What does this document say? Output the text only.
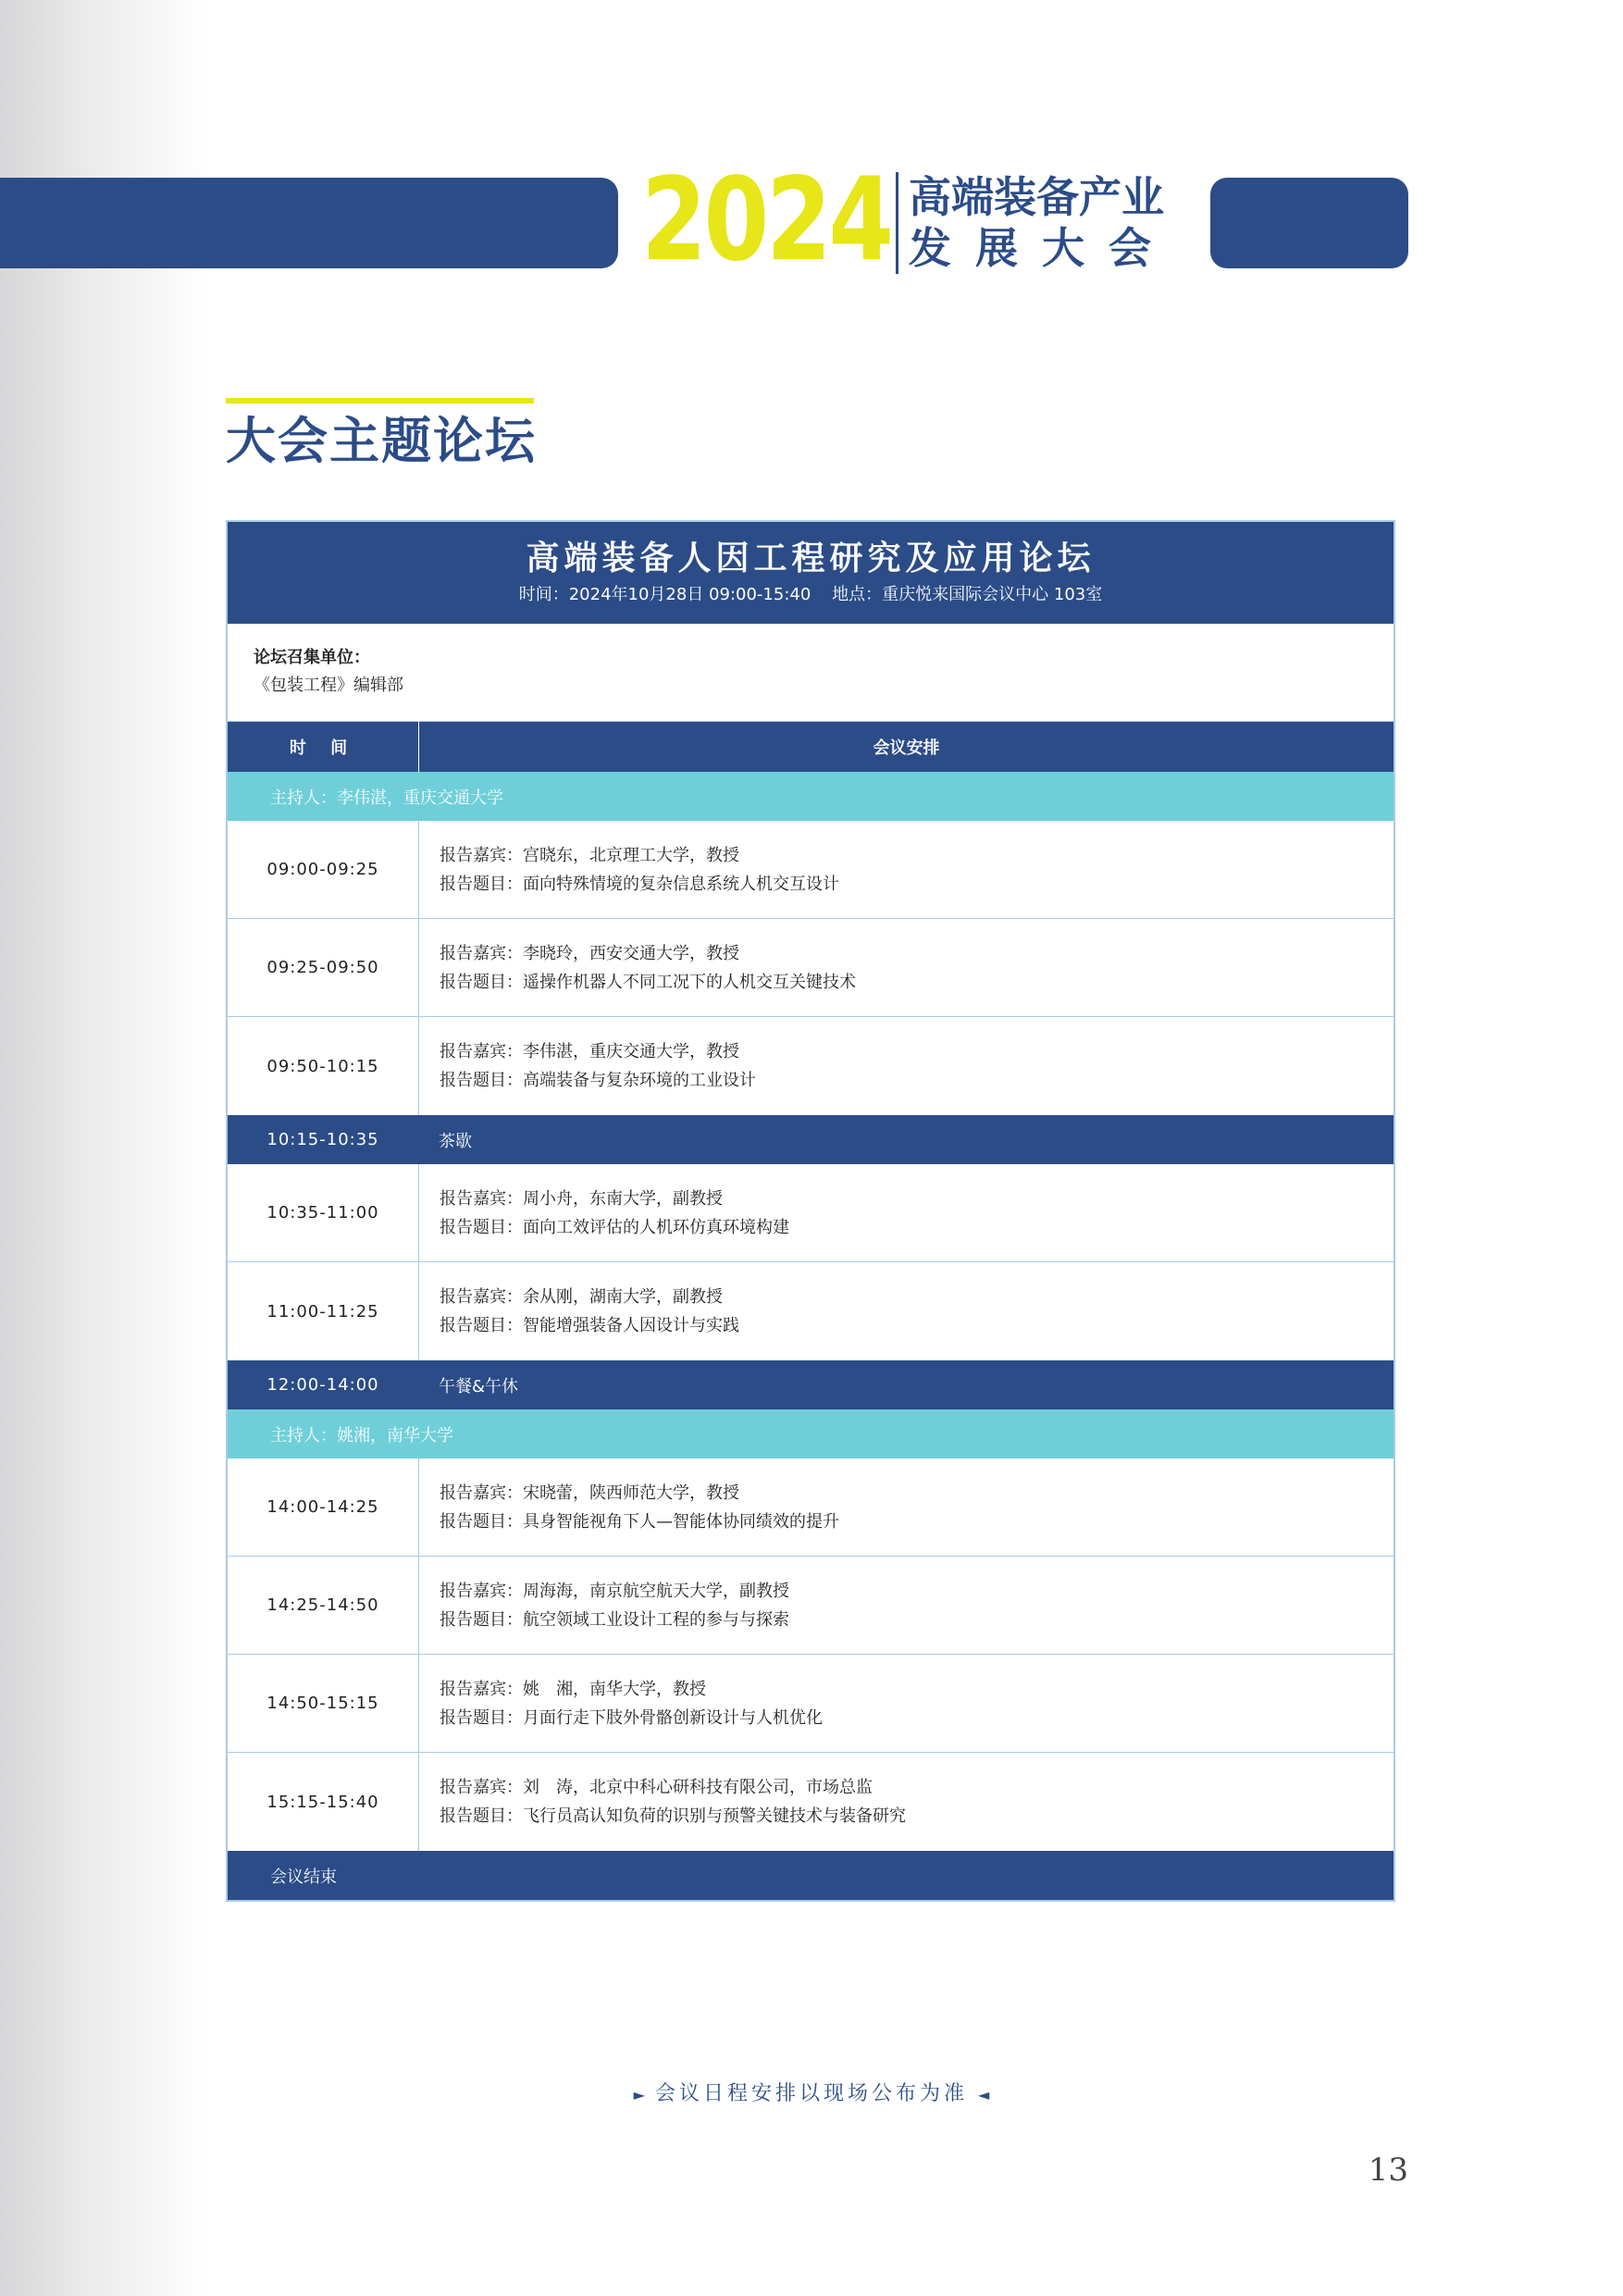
2024 高端装备产业
发展大会
大会主题论坛
高端装备人因工程研究及应用论坛
时间：2024年10月28日 09:00-15:40    地点：重庆悦来国际会议中心 103室
论坛召集单位：
《包装工程》编辑部
时 间	会议安排
主持人：李伟湛，重庆交通大学
09:00-09:25
报告嘉宾：宫晓东，北京理工大学，教授
报告题目：面向特殊情境的复杂信息系统人机交互设计
09:25-09:50
报告嘉宾：李晓玲，西安交通大学，教授
报告题目：遥操作机器人不同工况下的人机交互关键技术
09:50-10:15
报告嘉宾：李伟湛，重庆交通大学，教授
报告题目：高端装备与复杂环境的工业设计
10:15-10:35	茶歇
10:35-11:00
报告嘉宾：周小舟，东南大学，副教授
报告题目：面向工效评估的人机环仿真环境构建
11:00-11:25
报告嘉宾：余从刚，湖南大学，副教授
报告题目：智能增强装备人因设计与实践
12:00-14:00	午餐&午休
主持人：姚湘，南华大学
14:00-14:25
报告嘉宾：宋晓蕾，陕西师范大学，教授
报告题目：具身智能视角下人—智能体协同绩效的提升
14:25-14:50
报告嘉宾：周海海，南京航空航天大学，副教授
报告题目：航空领域工业设计工程的参与与探索
14:50-15:15
报告嘉宾：姚　湘，南华大学，教授
报告题目：月面行走下肢外骨骼创新设计与人机优化
15:15-15:40
报告嘉宾：刘　涛，北京中科心研科技有限公司，市场总监
报告题目：飞行员高认知负荷的识别与预警关键技术与装备研究
会议结束
► 会议日程安排以现场公布为准 ◄
13
